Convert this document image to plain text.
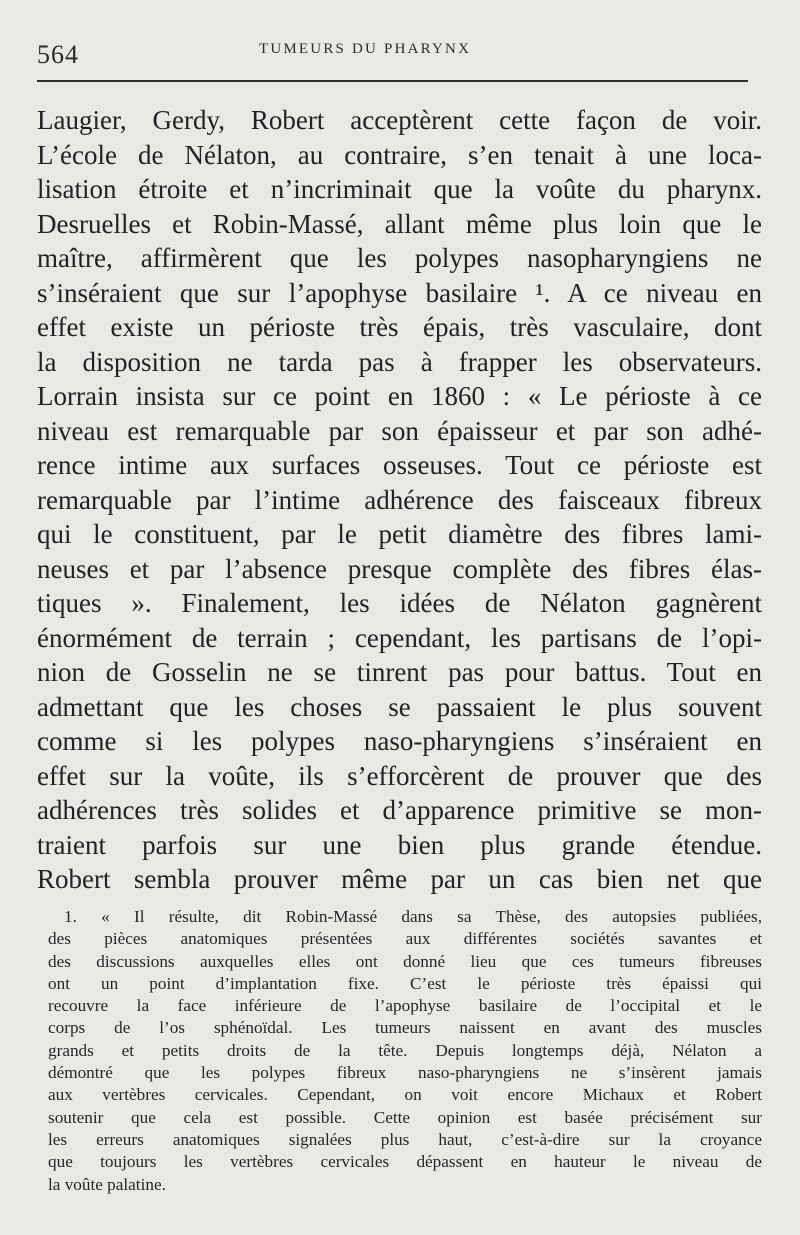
564	TUMEURS DU PHARYNX
Laugier, Gerdy, Robert acceptèrent cette façon de voir.
L’école de Nélaton, au contraire, s’en tenait à une loca-
lisation étroite et n’incriminait que la voûte du pharynx.
Desruelles et Robin-Massé, allant même plus loin que le
maître, affirmèrent que les polypes nasopharyngiens ne
s’inséraient que sur l’apophyse basilaire ¹. A ce niveau en
effet existe un périoste très épais, très vasculaire, dont
la disposition ne tarda pas à frapper les observateurs.
Lorrain insista sur ce point en 1860 : « Le périoste à ce
niveau est remarquable par son épaisseur et par son adhé-
rence intime aux surfaces osseuses. Tout ce périoste est
remarquable par l’intime adhérence des faisceaux fibreux
qui le constituent, par le petit diamètre des fibres lami-
neuses et par l’absence presque complète des fibres élas-
tiques ». Finalement, les idées de Nélaton gagnèrent
énormément de terrain ; cependant, les partisans de l’opi-
nion de Gosselin ne se tinrent pas pour battus. Tout en
admettant que les choses se passaient le plus souvent
comme si les polypes naso-pharyngiens s’inséraient en
effet sur la voûte, ils s’efforcèrent de prouver que des
adhérences très solides et d’apparence primitive se mon-
traient parfois sur une bien plus grande étendue.
Robert sembla prouver même par un cas bien net que
1. « Il résulte, dit Robin-Massé dans sa Thèse, des autopsies publiées,
des pièces anatomiques présentées aux différentes sociétés savantes et
des discussions auxquelles elles ont donné lieu que ces tumeurs fibreuses
ont un point d’implantation fixe. C’est le périoste très épaissi qui
recouvre la face inférieure de l’apophyse basilaire de l’occipital et le
corps de l’os sphénoïdal. Les tumeurs naissent en avant des muscles
grands et petits droits de la tête. Depuis longtemps déjà, Nélaton a
démontré que les polypes fibreux naso-pharyngiens ne s’insèrent jamais
aux vertèbres cervicales. Cependant, on voit encore Michaux et Robert
soutenir que cela est possible. Cette opinion est basée précisément sur
les erreurs anatomiques signalées plus haut, c’est-à-dire sur la croyance
que toujours les vertèbres cervicales dépassent en hauteur le niveau de
la voûte palatine.
